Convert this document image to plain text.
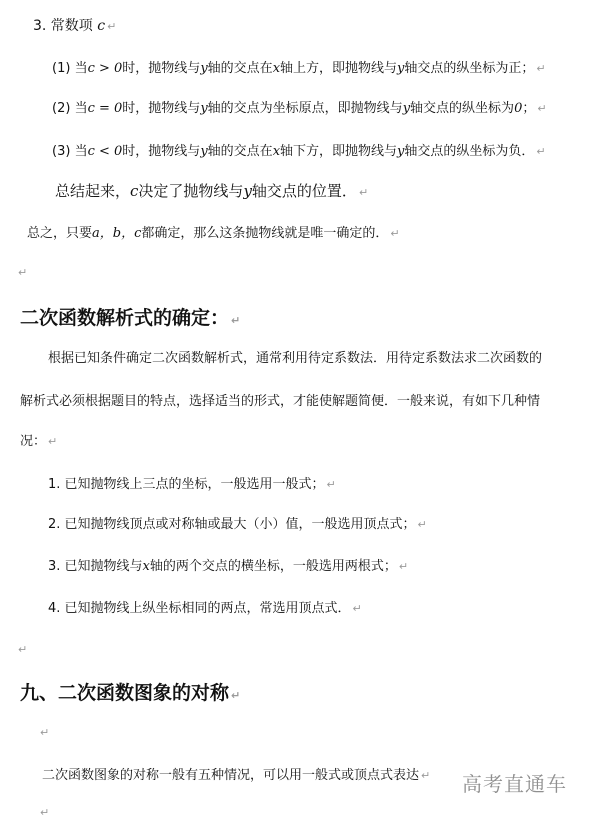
3. 常数项 c ↵
(1) 当c > 0时，抛物线与y轴的交点在x轴上方，即抛物线与y轴交点的纵坐标为正； ↵
(2) 当c = 0时，抛物线与y轴的交点为坐标原点，即抛物线与y轴交点的纵坐标为0； ↵
(3) 当c < 0时，抛物线与y轴的交点在x轴下方，即抛物线与y轴交点的纵坐标为负． ↵
总结起来，c决定了抛物线与y轴交点的位置． ↵
总之，只要a，b，c都确定，那么这条抛物线就是唯一确定的． ↵
↵
二次函数解析式的确定： ↵
根据已知条件确定二次函数解析式，通常利用待定系数法．用待定系数法求二次函数的
解析式必须根据题目的特点，选择适当的形式，才能使解题简便．一般来说，有如下几种情
况： ↵
1. 已知抛物线上三点的坐标，一般选用一般式； ↵
2. 已知抛物线顶点或对称轴或最大（小）值，一般选用顶点式； ↵
3. 已知抛物线与x轴的两个交点的横坐标，一般选用两根式； ↵
4. 已知抛物线上纵坐标相同的两点，常选用顶点式． ↵
↵
九、二次函数图象的对称 ↵
↵
二次函数图象的对称一般有五种情况，可以用一般式或顶点式表达 ↵
↵
高考直通车
